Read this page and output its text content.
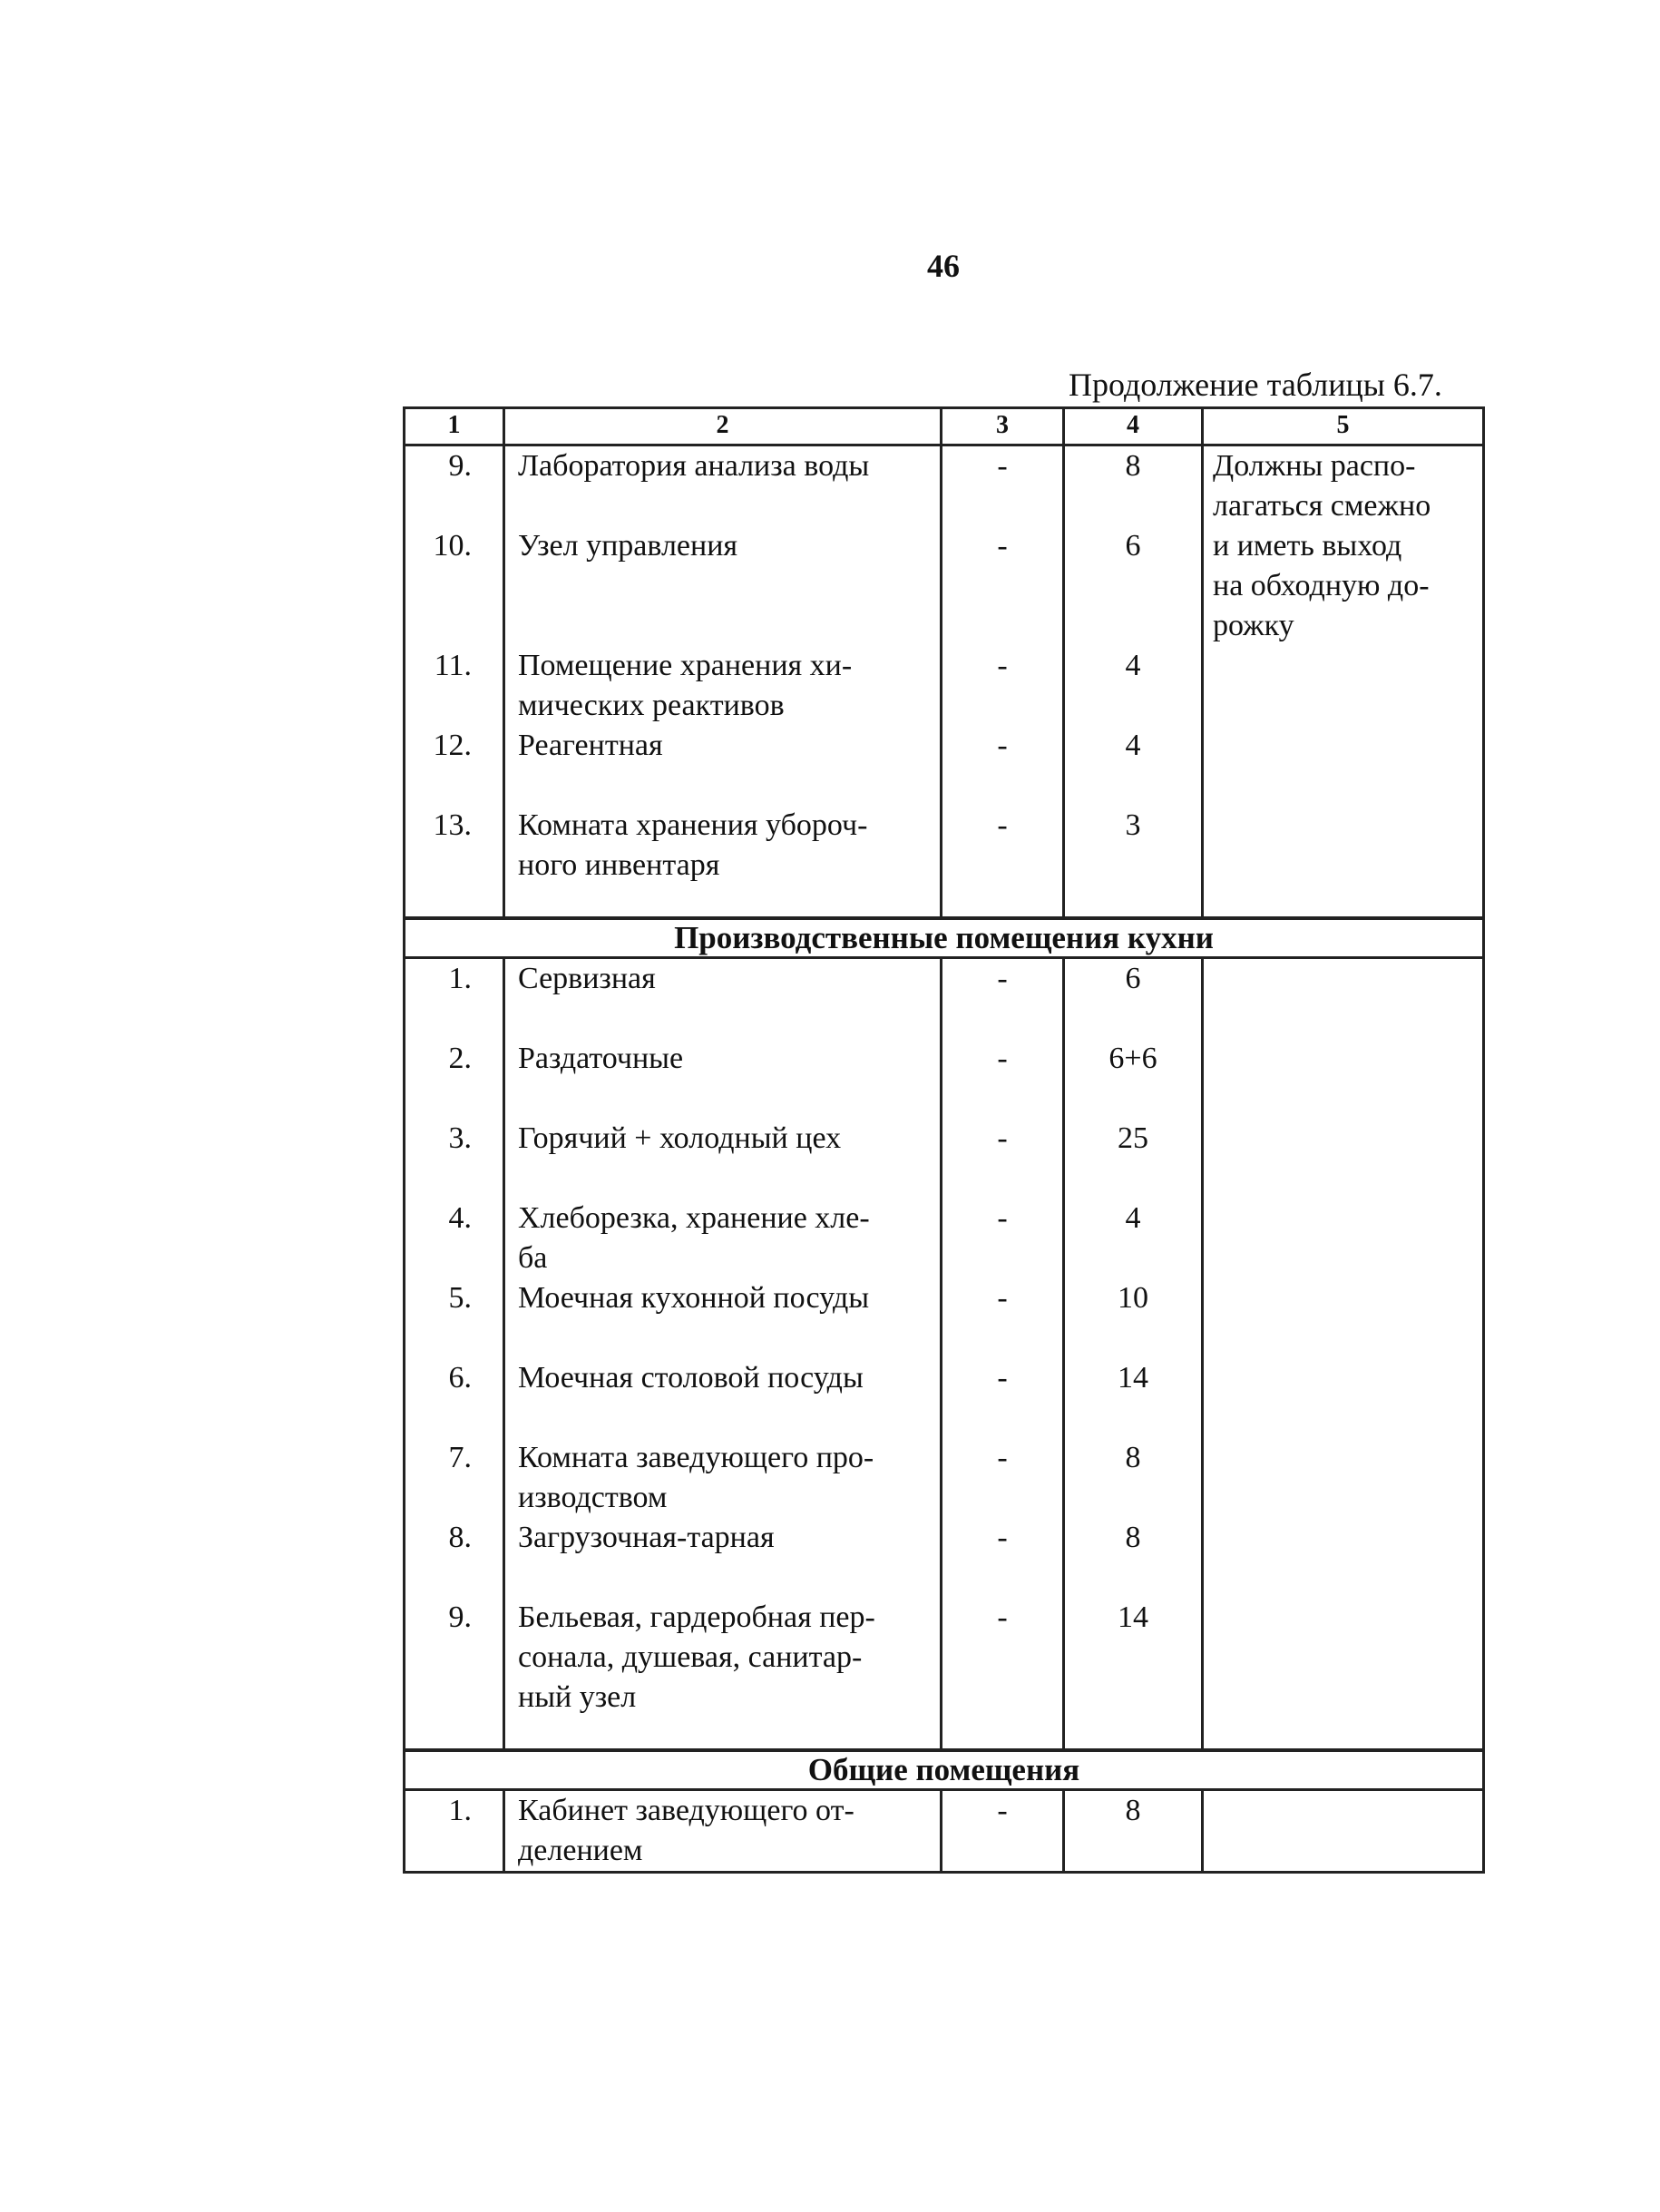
46
Продолжение таблицы 6.7.
1	2	3	4	5
9.	Лаборатория анализа воды	-	8	Должны распо-
лагаться смежно
и иметь выход
на обходную до-
рожку
10.	Узел управления	-	6	
11.	Помещение хранения хи-
мических реактивов	-	4	
12.	Реагентная	-	4	
13.	Комната хранения убороч-
ного инвентаря	-	3	

Производственные помещения кухни				
1.	Сервизная	-	6	
2.	Раздаточные	-	6+6	
3.	Горячий + холодный цех	-	25	
4.	Хлеборезка, хранение хле-
ба	-	4	
5.	Моечная кухонной посуды	-	10	
6.	Моечная столовой посуды	-	14	
7.	Комната заведующего про-
изводством	-	8	
8.	Загрузочная-тарная	-	8	
9.	Бельевая, гардеробная пер-
сонала, душевая, санитар-
ный узел	-	14	

Общие помещения				
1.	Кабинет заведующего от-
делением	-	8	
